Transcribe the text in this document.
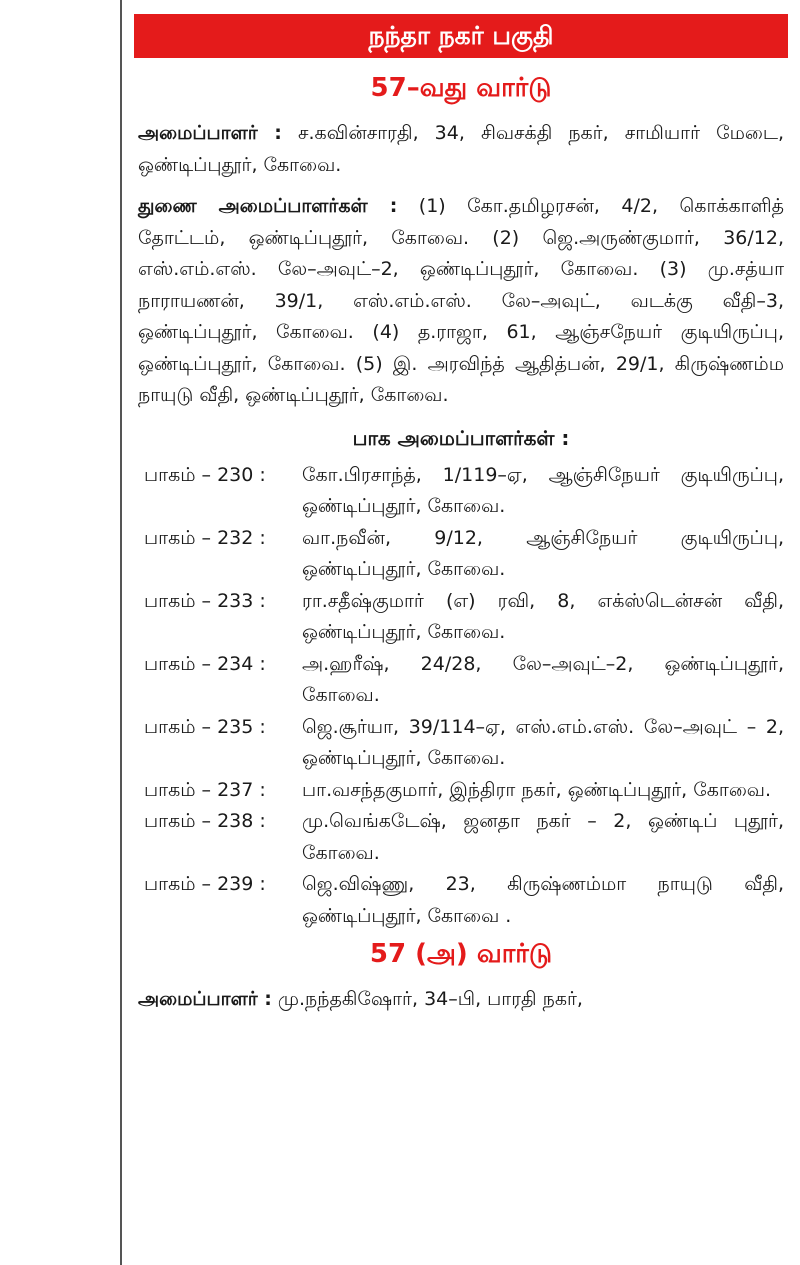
நந்தா நகர் பகுதி
57–வது வார்டு

அமைப்பாளர் : ச.கவின்சாரதி, 34, சிவசக்தி நகர், சாமியார் மேடை, ஒண்டிப்புதூர், கோவை.

துணை அமைப்பாளர்கள் : (1) கோ.தமிழரசன், 4/2, கொக்காளித் தோட்டம், ஒண்டிப்புதூர், கோவை. (2) ஜெ.அருண்குமார், 36/12, எஸ்.எம்.எஸ். லே–அவுட்–2, ஒண்டிப்புதூர், கோவை. (3) மு.சத்யா நாராயணன், 39/1, எஸ்.எம்.எஸ். லே–அவுட், வடக்கு வீதி–3, ஒண்டிப்புதூர், கோவை. (4) த.ராஜா, 61, ஆஞ்சநேயர் குடியிருப்பு, ஒண்டிப்புதூர், கோவை. (5) இ. அரவிந்த் ஆதித்பன், 29/1, கிருஷ்ணம்ம நாயுடு வீதி, ஒண்டிப்புதூர், கோவை.

பாக அமைப்பாளர்கள் :
பாகம் – 230 :	கோ.பிரசாந்த், 1/119–ஏ, ஆஞ்சிநேயர் குடியிருப்பு, ஒண்டிப்புதூர், கோவை.
பாகம் – 232 :	வா.நவீன், 9/12, ஆஞ்சிநேயர் குடியிருப்பு, ஒண்டிப்புதூர், கோவை.
பாகம் – 233 :	ரா.சதீஷ்குமார் (எ) ரவி, 8, எக்ஸ்டென்சன் வீதி, ஒண்டிப்புதூர், கோவை.
பாகம் – 234 :	அ.ஹரீஷ், 24/28, லே–அவுட்–2, ஒண்டிப்புதூர், கோவை.
பாகம் – 235 :	ஜெ.சூர்யா, 39/114–ஏ, எஸ்.எம்.எஸ். லே–அவுட் – 2, ஒண்டிப்புதூர், கோவை.
பாகம் – 237 :	பா.வசந்தகுமார், இந்திரா நகர், ஒண்டிப்புதூர், கோவை.
பாகம் – 238 :	மு.வெங்கடேஷ், ஜனதா நகர் – 2, ஒண்டிப் புதூர், கோவை.
பாகம் – 239 :	ஜெ.விஷ்ணு, 23, கிருஷ்ணம்மா நாயுடு வீதி, ஒண்டிப்புதூர், கோவை .
57 (அ) வார்டு

அமைப்பாளர் : மு.நந்தகிஷோர், 34–பி, பாரதி நகர்,
